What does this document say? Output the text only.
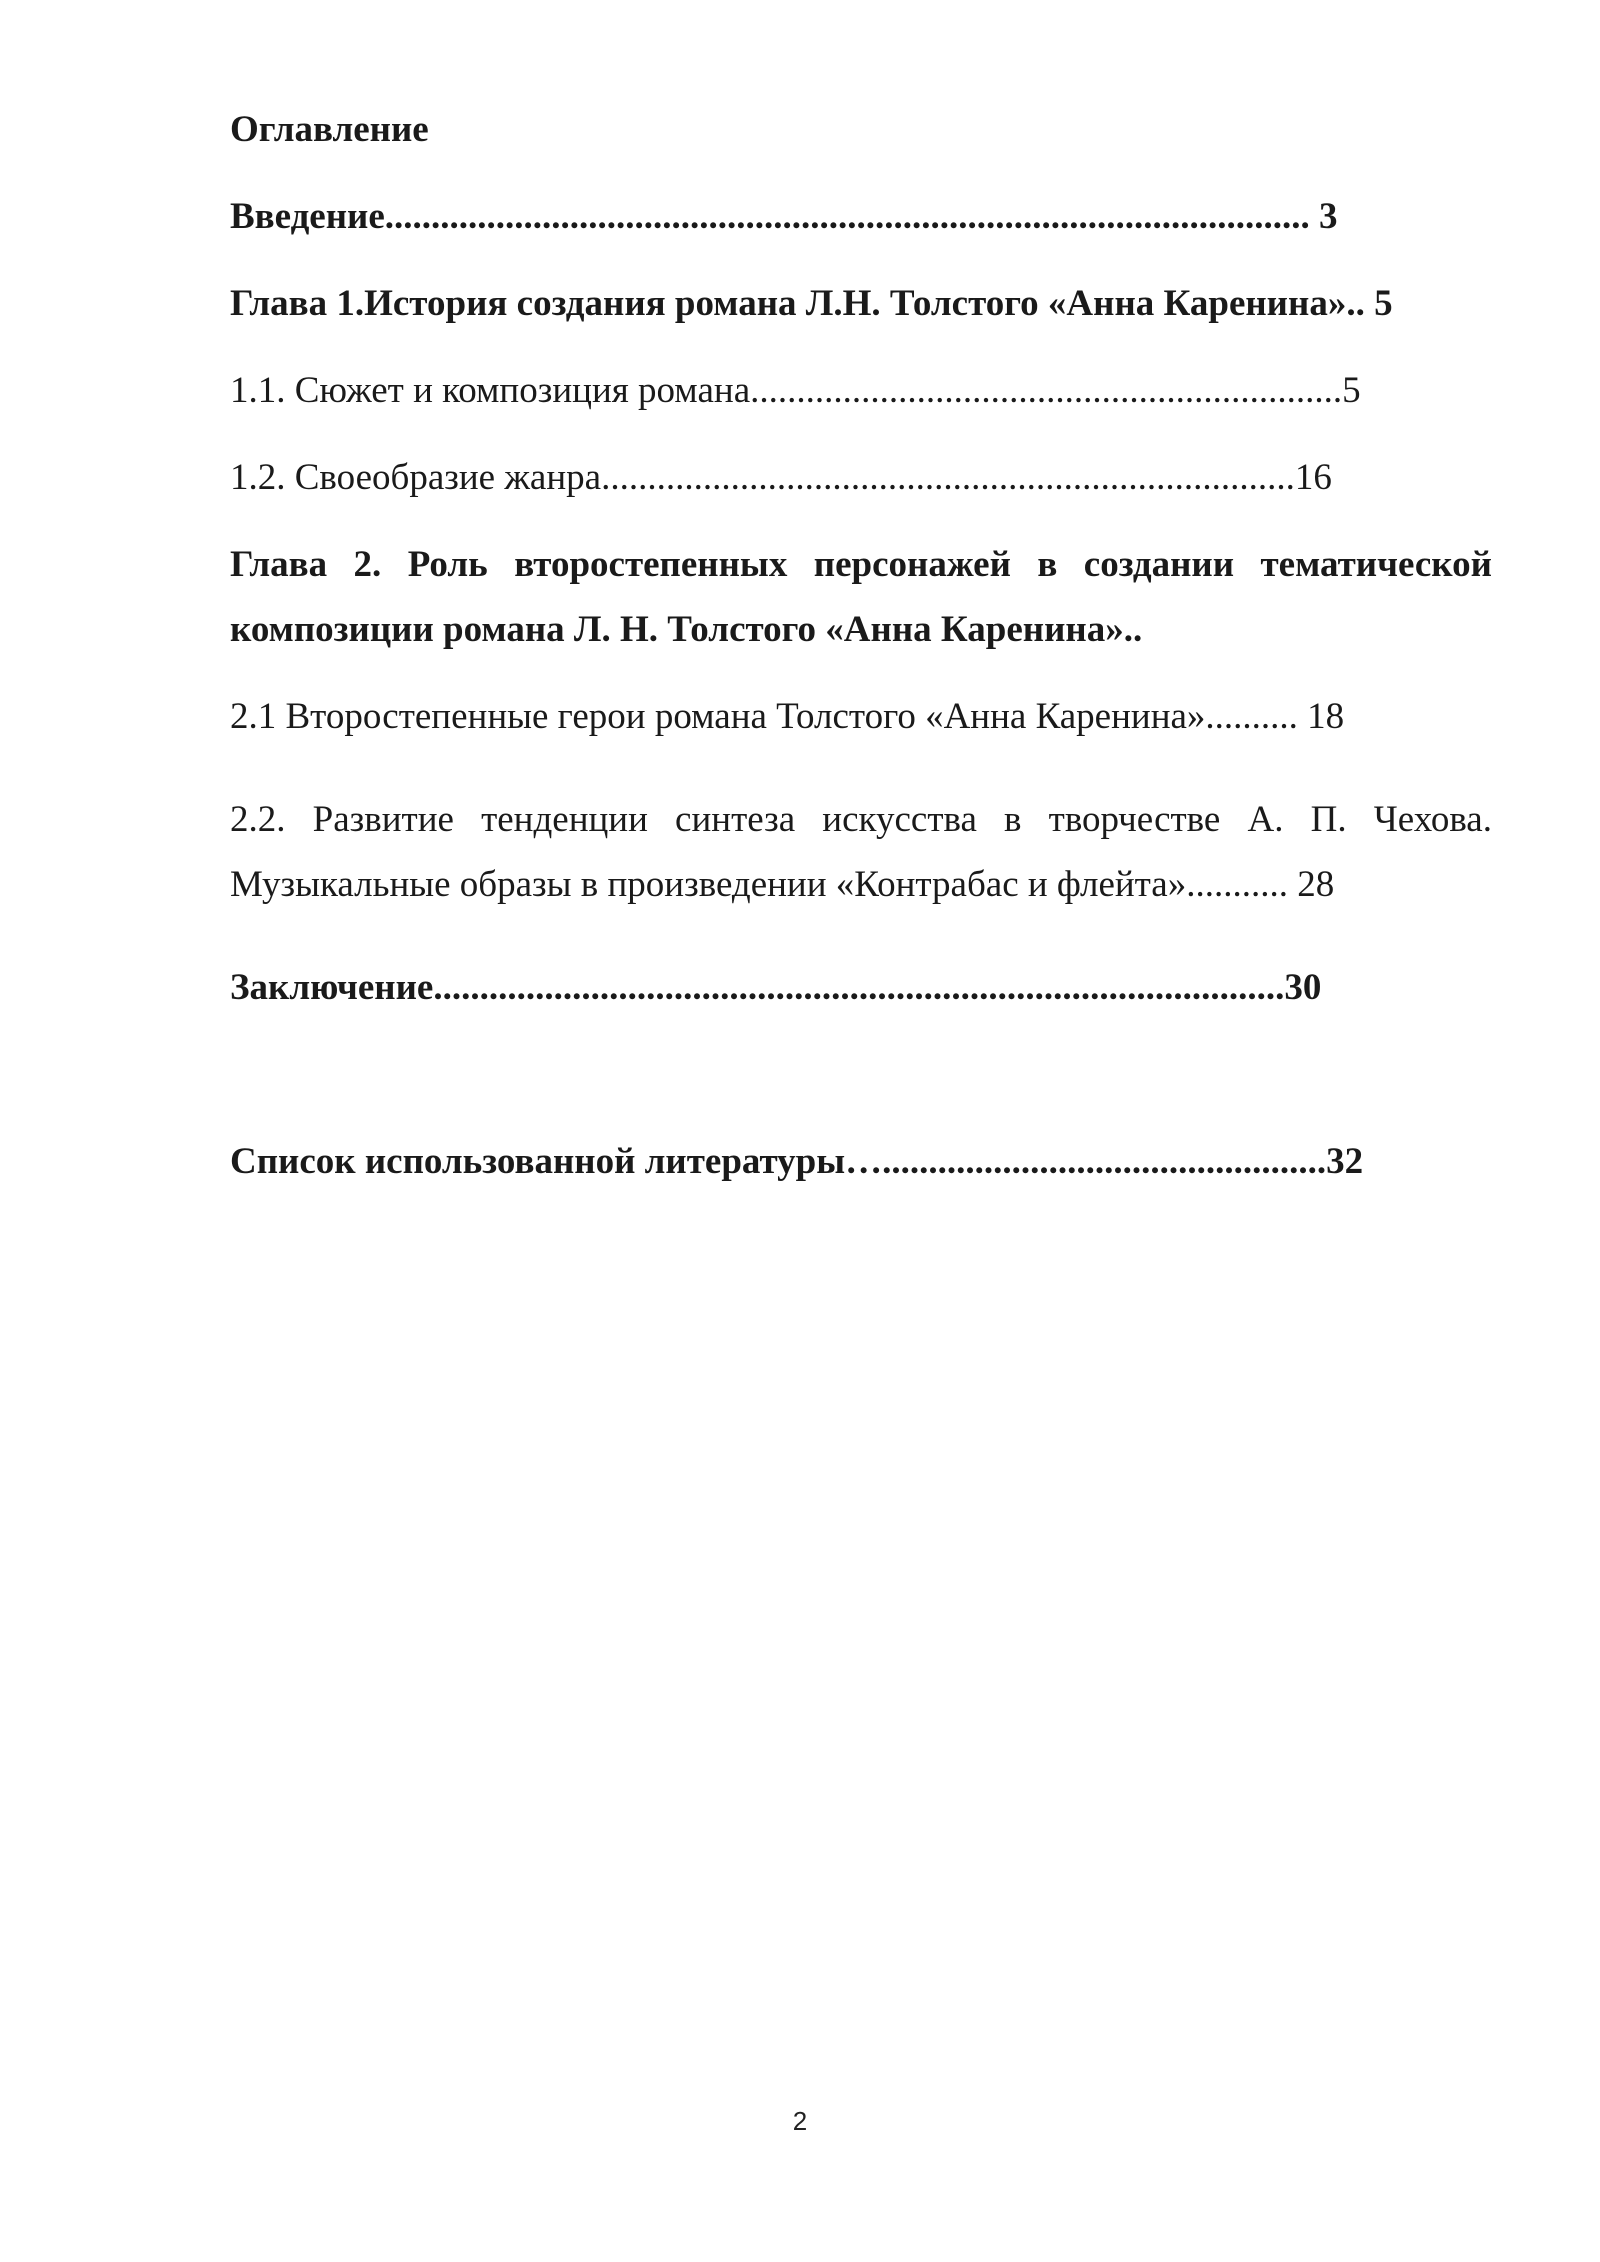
Оглавление
Введение.................................................................................................... 3
Глава 1.История создания романа Л.Н. Толстого «Анна Каренина».. 5
1.1. Сюжет и композиция романа................................................................5
1.2. Своеобразие жанра...........................................................................16
Глава 2. Роль второстепенных персонажей в создании тематической
композиции романа Л. Н. Толстого «Анна Каренина»..
2.1 Второстепенные герои романа Толстого «Анна Каренина».......... 18
2.2. Развитие тенденции синтеза искусства в творчестве А. П. Чехова.
Музыкальные образы в произведении «Контрабас и флейта»........... 28
Заключение............................................................................................30
Список использованной литературы…................................................32
2
